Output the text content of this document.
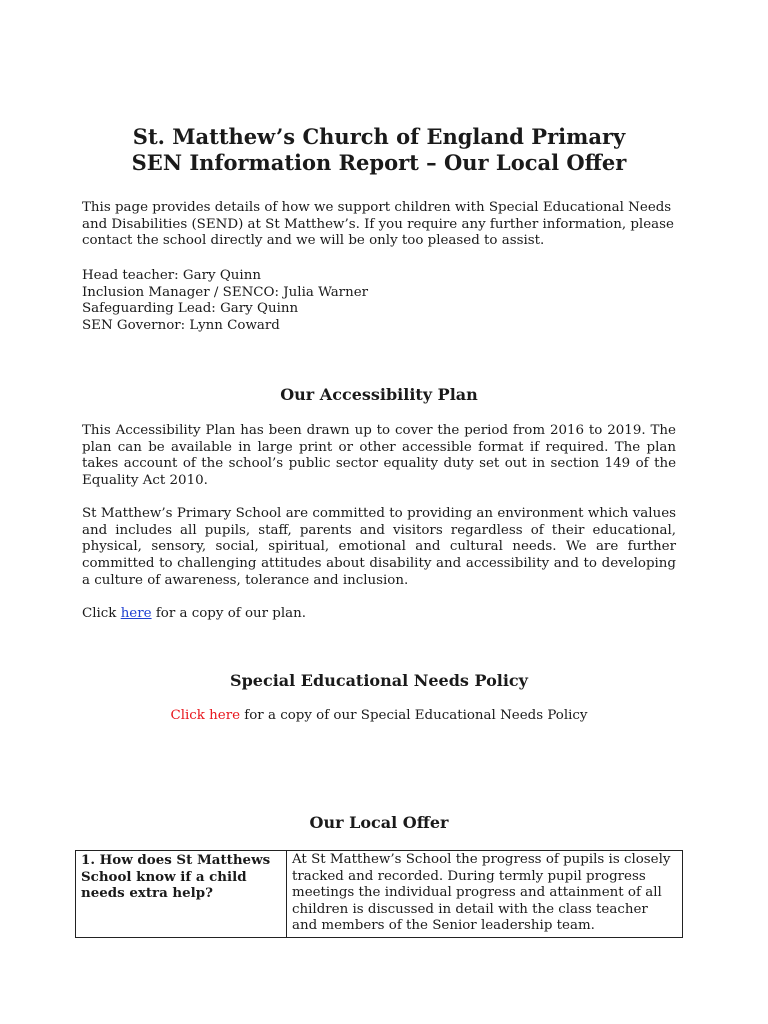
St. Matthew’s Church of England Primary
SEN Information Report – Our Local Offer

This page provides details of how we support children with Special Educational Needs and Disabilities (SEND) at St Matthew’s. If you require any further information, please contact the school directly and we will be only too pleased to assist.

Head teacher: Gary Quinn
Inclusion Manager / SENCO: Julia Warner
Safeguarding Lead: Gary Quinn
SEN Governor: Lynn Coward
Our Accessibility Plan

This Accessibility Plan has been drawn up to cover the period from 2016 to 2019. The plan can be available in large print or other accessible format if required. The plan takes account of the school’s public sector equality duty set out in section 149 of the Equality Act 2010.

St Matthew’s Primary School are committed to providing an environment which values and includes all pupils, staff, parents and visitors regardless of their educational, physical, sensory, social, spiritual, emotional and cultural needs. We are further committed to challenging attitudes about disability and accessibility and to developing a culture of awareness, tolerance and inclusion.

Click here for a copy of our plan.

Special Educational Needs Policy

Click here for a copy of our Special Educational Needs Policy

Our Local Offer
1. How does St Matthews School know if a child needs extra help?	At St Matthew’s School the progress of pupils is closely tracked and recorded. During termly pupil progress meetings the individual progress and attainment of all children is discussed in detail with the class teacher and members of the Senior leadership team.
